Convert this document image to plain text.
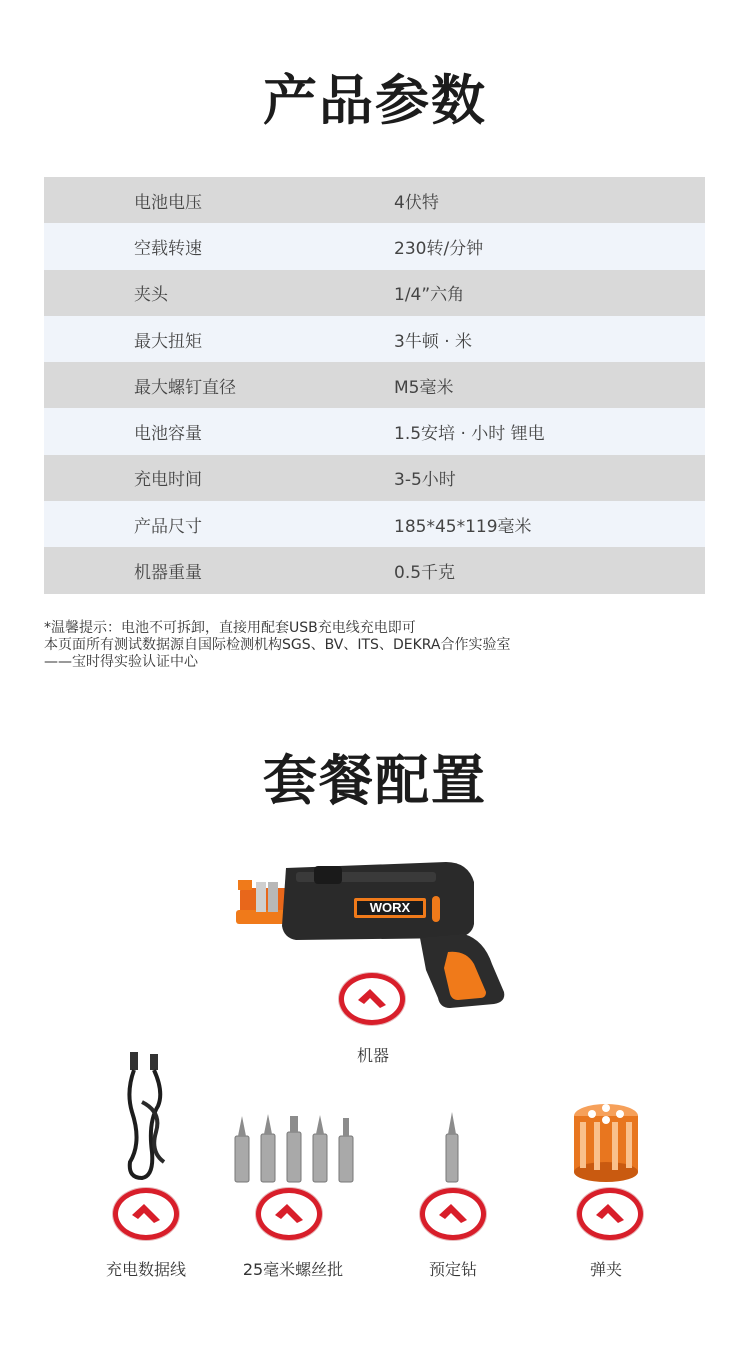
产品参数
电池电压	4伏特
空载转速	230转/分钟
夹头	1/4”六角
最大扭矩	3牛顿 · 米
最大螺钉直径	M5毫米
电池容量	1.5安培 · 小时 锂电
充电时间	3-5小时
产品尺寸	185*45*119毫米
机器重量	0.5千克
*温馨提示：电池不可拆卸，直接用配套USB充电线充电即可
本页面所有测试数据源自国际检测机构SGS、BV、ITS、DEKRA合作实验室
——宝时得实验认证中心
套餐配置
WORX
机器
充电数据线	25毫米螺丝批	预定钻	弹夹
